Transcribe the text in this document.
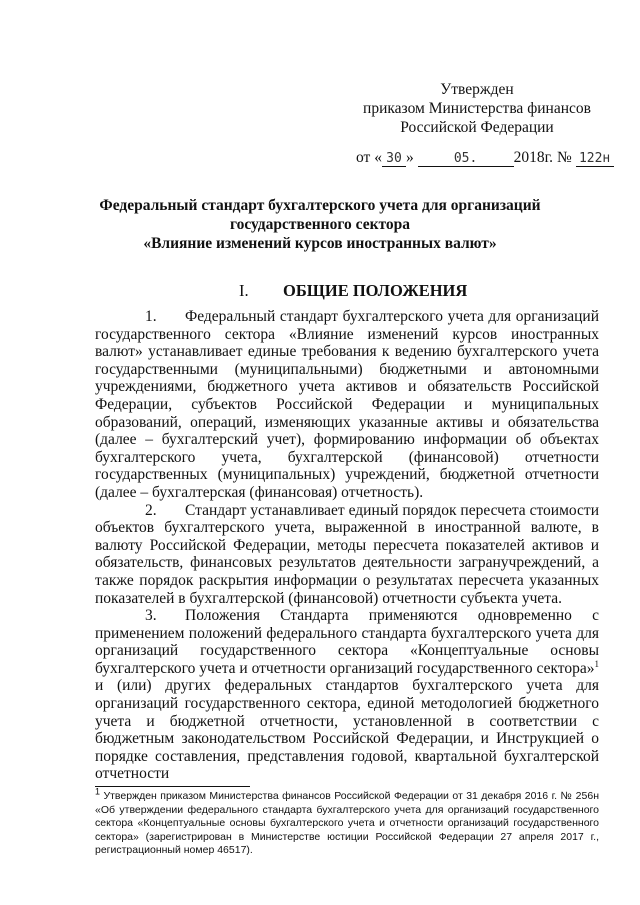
Утвержден
приказом Министерства финансов
Российской Федерации
от « 30 »	05. 2018г. № 122н
Федеральный стандарт бухгалтерского учета для организаций
государственного сектора
«Влияние изменений курсов иностранных валют»
I. ОБЩИЕ ПОЛОЖЕНИЯ

1. Федеральный стандарт бухгалтерского учета для организаций государственного сектора «Влияние изменений курсов иностранных валют» устанавливает единые требования к ведению бухгалтерского учета государственными (муниципальными) бюджетными и автономными учреждениями, бюджетного учета активов и обязательств Российской Федерации, субъектов Российской Федерации и муниципальных образований, операций, изменяющих указанные активы и обязательства (далее – бухгалтерский учет), формированию информации об объектах бухгалтерского учета, бухгалтерской (финансовой) отчетности государственных (муниципальных) учреждений, бюджетной отчетности (далее – бухгалтерская (финансовая) отчетность).

2. Стандарт устанавливает единый порядок пересчета стоимости объектов бухгалтерского учета, выраженной в иностранной валюте, в валюту Российской Федерации, методы пересчета показателей активов и обязательств, финансовых результатов деятельности загранучреждений, а также порядок раскрытия информации о результатах пересчета указанных показателей в бухгалтерской (финансовой) отчетности субъекта учета.

3. Положения Стандарта применяются одновременно с применением положений федерального стандарта бухгалтерского учета для организаций государственного сектора «Концептуальные основы бухгалтерского учета и отчетности организаций государственного сектора»$^1$ и (или) других федеральных стандартов бухгалтерского учета для организаций государственного сектора, единой методологией бюджетного учета и бюджетной отчетности, установленной в соответствии с бюджетным законодательством Российской Федерации, и Инструкцией о порядке составления, представления годовой, квартальной бухгалтерской отчетности

$^1$ Утвержден приказом Министерства финансов Российской Федерации от 31 декабря 2016 г. № 256н «Об утверждении федерального стандарта бухгалтерского учета для организаций государственного сектора «Концептуальные основы бухгалтерского учета и отчетности организаций государственного сектора» (зарегистрирован в Министерстве юстиции Российской Федерации 27 апреля 2017 г., регистрационный номер 46517).
